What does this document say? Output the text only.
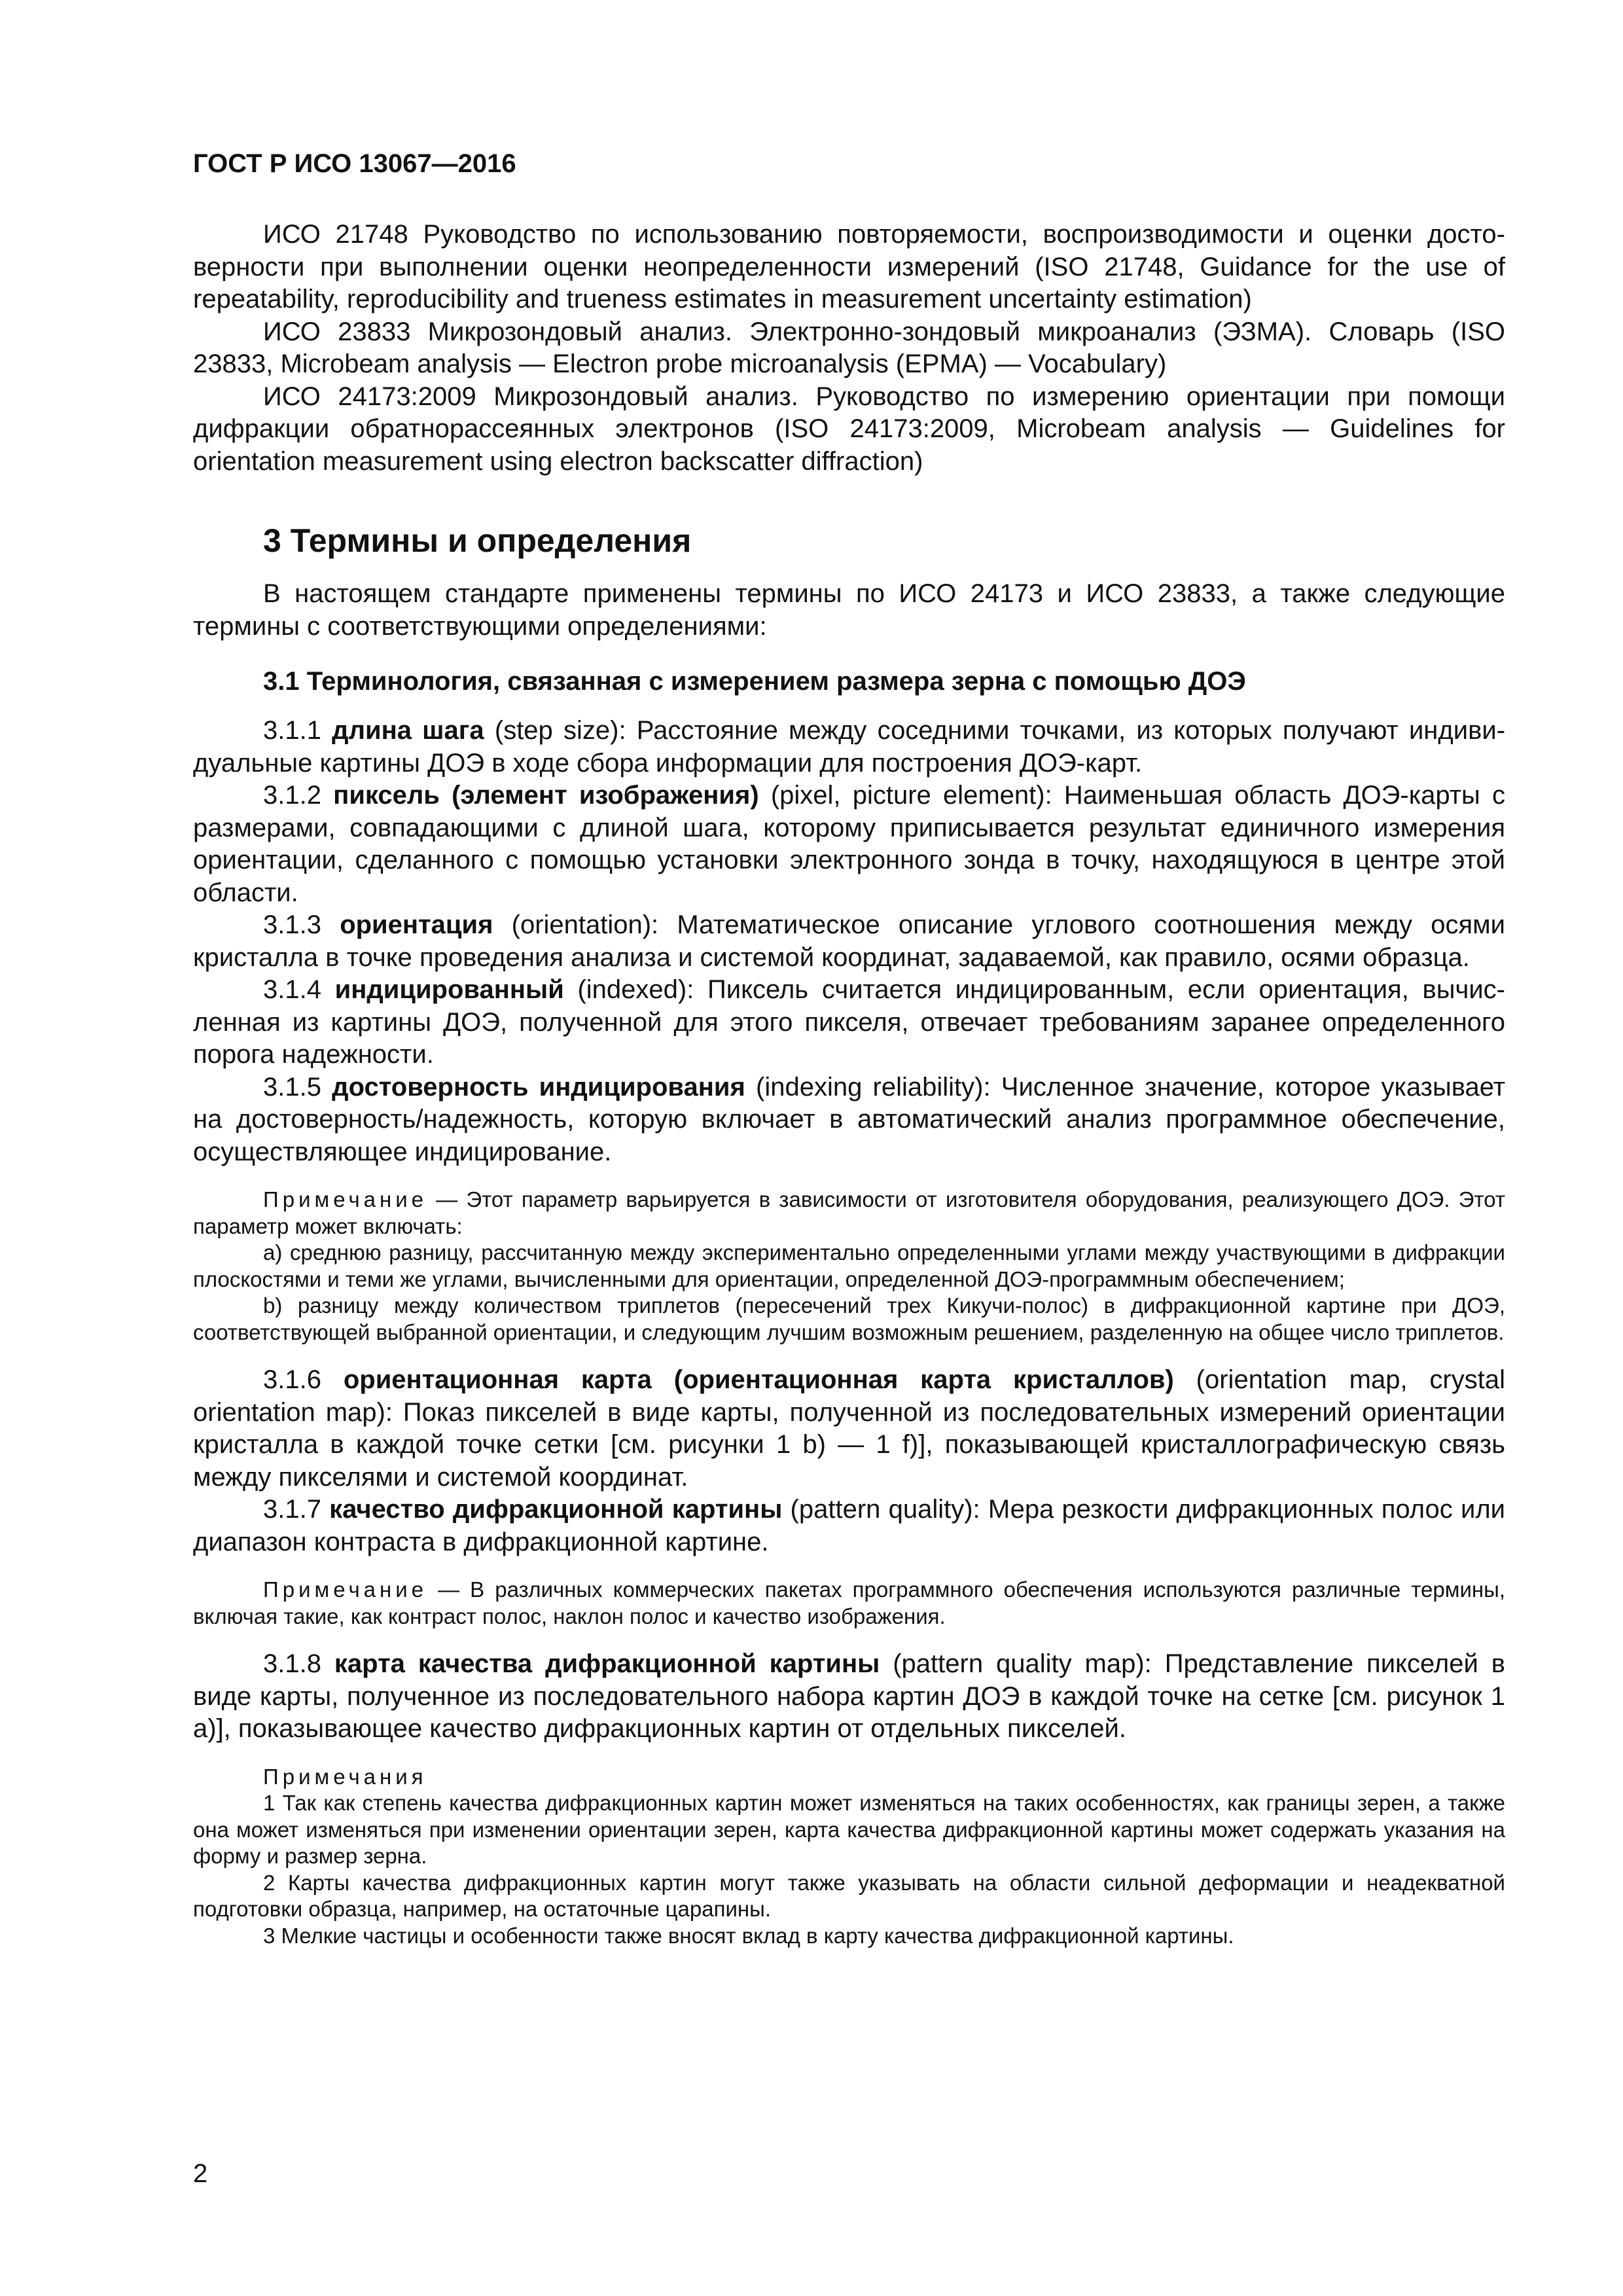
ГОСТ Р ИСО 13067—2016

ИСО 21748 Руководство по использованию повторяемости, воспроизводимости и оценки достоверности при выполнении оценки неопределенности измерений (ISO 21748, Guidance for the use of repeatability, reproducibility and trueness estimates in measurement uncertainty estimation)

ИСО 23833 Микрозондовый анализ. Электронно-зондовый микроанализ (ЭЗМА). Словарь (ISO 23833, Microbeam analysis — Electron probe microanalysis (EPMA) — Vocabulary)

ИСО 24173:2009 Микрозондовый анализ. Руководство по измерению ориентации при помощи дифракции обратнорассеянных электронов (ISO 24173:2009, Microbeam analysis — Guidelines for orientation measurement using electron backscatter diffraction)

3 Термины и определения

В настоящем стандарте применены термины по ИСО 24173 и ИСО 23833, а также следующие термины с соответствующими определениями:

3.1 Терминология, связанная с измерением размера зерна с помощью ДОЭ

3.1.1 длина шага (step size): Расстояние между соседними точками, из которых получают индивидуальные картины ДОЭ в ходе сбора информации для построения ДОЭ-карт.

3.1.2 пиксель (элемент изображения) (pixel, picture element): Наименьшая область ДОЭ-карты с размерами, совпадающими с длиной шага, которому приписывается результат единичного измерения ориентации, сделанного с помощью установки электронного зонда в точку, находящуюся в центре этой области.

3.1.3 ориентация (orientation): Математическое описание углового соотношения между осями кристалла в точке проведения анализа и системой координат, задаваемой, как правило, осями образца.

3.1.4 индицированный (indexed): Пиксель считается индицированным, если ориентация, вычисленная из картины ДОЭ, полученной для этого пикселя, отвечает требованиям заранее определенного порога надежности.

3.1.5 достоверность индицирования (indexing reliability): Численное значение, которое указывает на достоверность/надежность, которую включает в автоматический анализ программное обеспечение, осуществляющее индицирование.

Примечание — Этот параметр варьируется в зависимости от изготовителя оборудования, реализующего ДОЭ. Этот параметр может включать:

а) среднюю разницу, рассчитанную между экспериментально определенными углами между участвующими в дифракции плоскостями и теми же углами, вычисленными для ориентации, определенной ДОЭ-программным обеспечением;

b) разницу между количеством триплетов (пересечений трех Кикучи-полос) в дифракционной картине при ДОЭ, соответствующей выбранной ориентации, и следующим лучшим возможным решением, разделенную на общее число триплетов.

3.1.6 ориентационная карта (ориентационная карта кристаллов) (orientation map, crystal orientation map): Показ пикселей в виде карты, полученной из последовательных измерений ориентации кристалла в каждой точке сетки [см. рисунки 1 b) — 1 f)], показывающей кристаллографическую связь между пикселями и системой координат.

3.1.7 качество дифракционной картины (pattern quality): Мера резкости дифракционных полос или диапазон контраста в дифракционной картине.

Примечание — В различных коммерческих пакетах программного обеспечения используются различные термины, включая такие, как контраст полос, наклон полос и качество изображения.

3.1.8 карта качества дифракционной картины (pattern quality map): Представление пикселей в виде карты, полученное из последовательного набора картин ДОЭ в каждой точке на сетке [см. рисунок 1 а)], показывающее качество дифракционных картин от отдельных пикселей.

Примечания

1 Так как степень качества дифракционных картин может изменяться на таких особенностях, как границы зерен, а также она может изменяться при изменении ориентации зерен, карта качества дифракционной картины может содержать указания на форму и размер зерна.

2 Карты качества дифракционных картин могут также указывать на области сильной деформации и неадекватной подготовки образца, например, на остаточные царапины.

3 Мелкие частицы и особенности также вносят вклад в карту качества дифракционной картины.

2
